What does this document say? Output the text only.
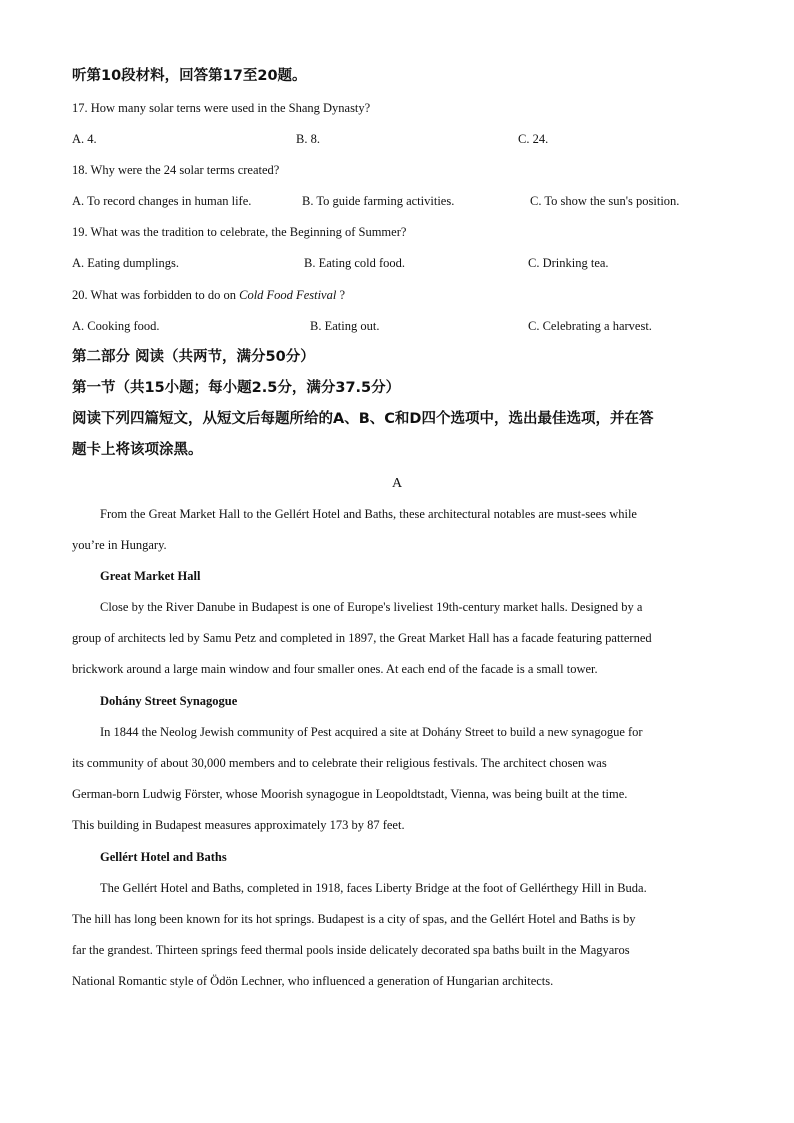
听第10段材料，回答第17至20题。
17. How many solar terns were used in the Shang Dynasty?
A. 4.	B. 8.	C. 24.
18. Why were the 24 solar terms created?
A. To record changes in human life.	B. To guide farming activities.	C. To show the sun's position.
19. What was the tradition to celebrate, the Beginning of Summer?
A. Eating dumplings.	B. Eating cold food.	C. Drinking tea.
20. What was forbidden to do on Cold Food Festival ?
A. Cooking food.	B. Eating out.	C. Celebrating a harvest.
第二部分 阅读（共两节，满分50分）
第一节（共15小题；每小题2.5分，满分37.5分）
阅读下列四篇短文，从短文后每题所给的A、B、C和D四个选项中，选出最佳选项，并在答
题卡上将该项涂黑。
A
From the Great Market Hall to the Gellért Hotel and Baths, these architectural notables are must-sees while
you’re in Hungary.
Great Market Hall
Close by the River Danube in Budapest is one of Europe's liveliest 19th-century market halls. Designed by a
group of architects led by Samu Petz and completed in 1897, the Great Market Hall has a facade featuring patterned
brickwork around a large main window and four smaller ones. At each end of the facade is a small tower.
Dohány Street Synagogue
In 1844 the Neolog Jewish community of Pest acquired a site at Dohány Street to build a new synagogue for
its community of about 30,000 members and to celebrate their religious festivals. The architect chosen was
German-born Ludwig Förster, whose Moorish synagogue in Leopoldtstadt, Vienna, was being built at the time.
This building in Budapest measures approximately 173 by 87 feet.
Gellért Hotel and Baths
The Gellért Hotel and Baths, completed in 1918, faces Liberty Bridge at the foot of Gellérthegy Hill in Buda.
The hill has long been known for its hot springs. Budapest is a city of spas, and the Gellért Hotel and Baths is by
far the grandest. Thirteen springs feed thermal pools inside delicately decorated spa baths built in the Magyaros
National Romantic style of Ödön Lechner, who influenced a generation of Hungarian architects.
